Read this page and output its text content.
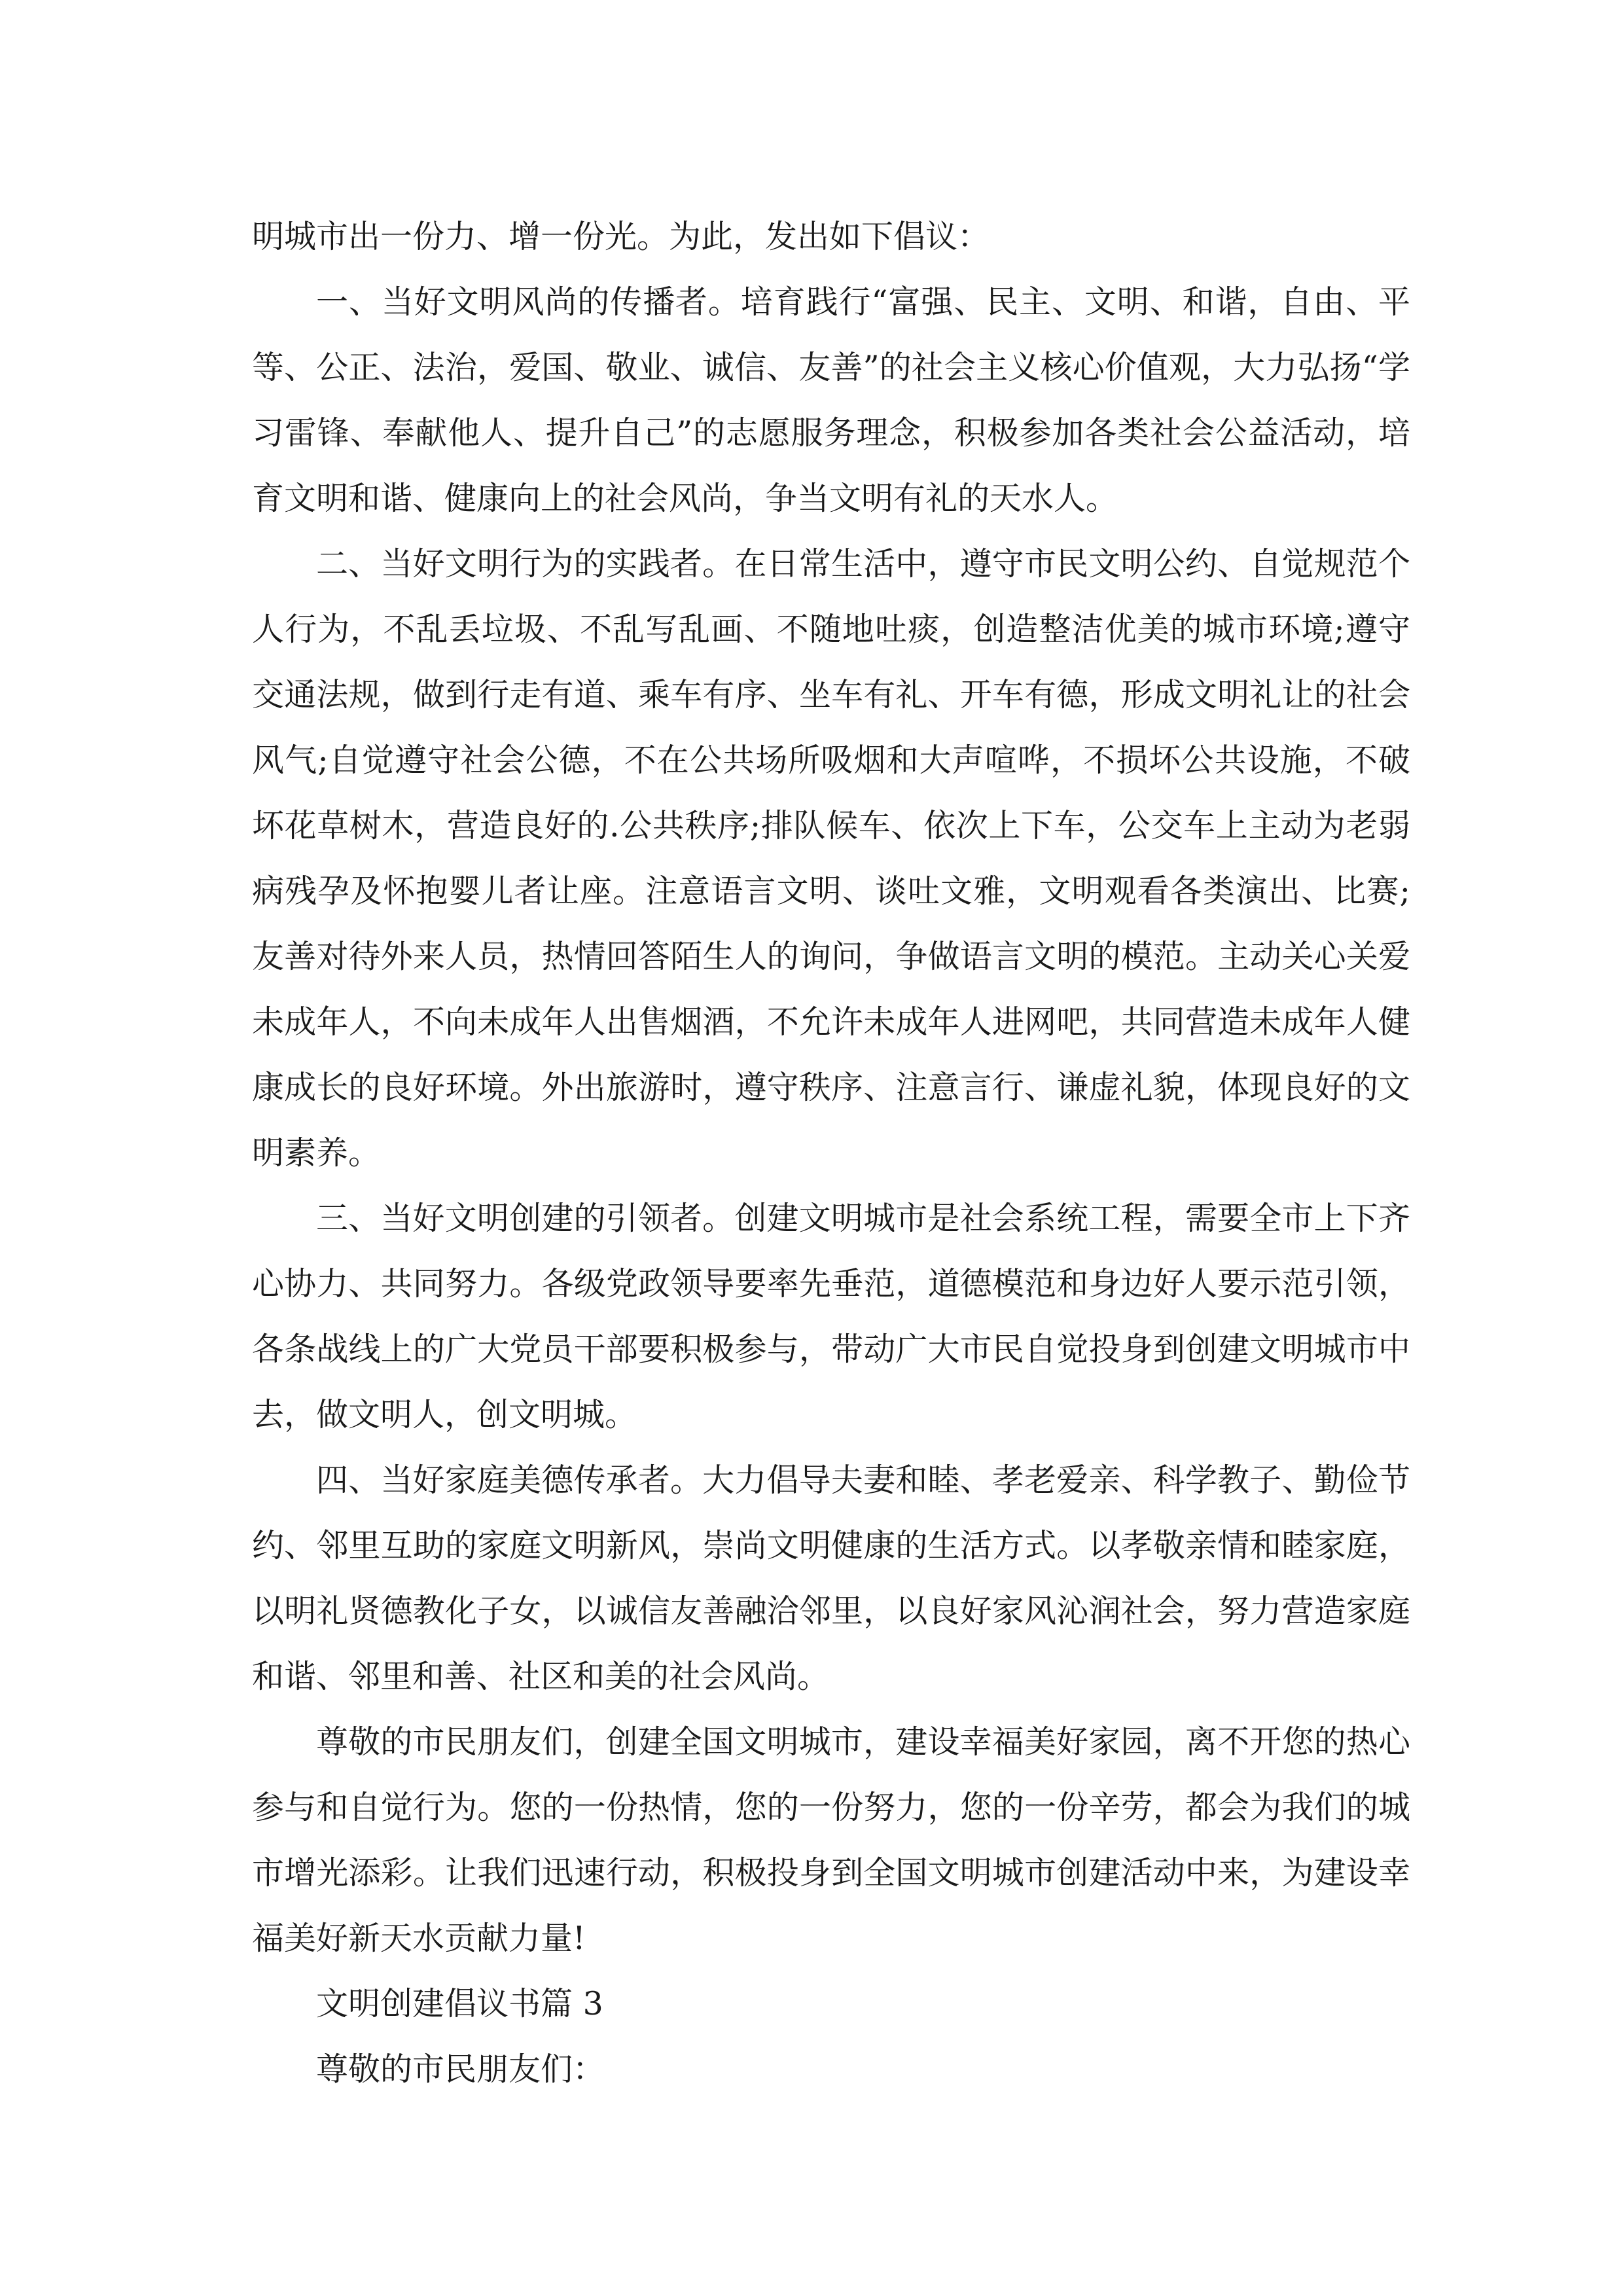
明城市出一份力、增一份光。为此，发出如下倡议：

一、当好文明风尚的传播者。培育践行“富强、民主、文明、和谐，自由、平等、公正、法治，爱国、敬业、诚信、友善”的社会主义核心价值观，大力弘扬“学习雷锋、奉献他人、提升自己”的志愿服务理念，积极参加各类社会公益活动，培育文明和谐、健康向上的社会风尚，争当文明有礼的天水人。

二、当好文明行为的实践者。在日常生活中，遵守市民文明公约、自觉规范个人行为，不乱丢垃圾、不乱写乱画、不随地吐痰，创造整洁优美的城市环境;遵守交通法规，做到行走有道、乘车有序、坐车有礼、开车有德，形成文明礼让的社会风气;自觉遵守社会公德，不在公共场所吸烟和大声喧哗，不损坏公共设施，不破坏花草树木，营造良好的.公共秩序;排队候车、依次上下车，公交车上主动为老弱病残孕及怀抱婴儿者让座。注意语言文明、谈吐文雅，文明观看各类演出、比赛;友善对待外来人员，热情回答陌生人的询问，争做语言文明的模范。主动关心关爱未成年人，不向未成年人出售烟酒，不允许未成年人进网吧，共同营造未成年人健康成长的良好环境。外出旅游时，遵守秩序、注意言行、谦虚礼貌，体现良好的文明素养。

三、当好文明创建的引领者。创建文明城市是社会系统工程，需要全市上下齐心协力、共同努力。各级党政领导要率先垂范，道德模范和身边好人要示范引领，各条战线上的广大党员干部要积极参与，带动广大市民自觉投身到创建文明城市中去，做文明人，创文明城。

四、当好家庭美德传承者。大力倡导夫妻和睦、孝老爱亲、科学教子、勤俭节约、邻里互助的家庭文明新风，崇尚文明健康的生活方式。以孝敬亲情和睦家庭，以明礼贤德教化子女，以诚信友善融洽邻里，以良好家风沁润社会，努力营造家庭和谐、邻里和善、社区和美的社会风尚。

尊敬的市民朋友们，创建全国文明城市，建设幸福美好家园，离不开您的热心参与和自觉行为。您的一份热情，您的一份努力，您的一份辛劳，都会为我们的城市增光添彩。让我们迅速行动，积极投身到全国文明城市创建活动中来，为建设幸福美好新天水贡献力量!

文明创建倡议书篇 3

尊敬的市民朋友们：
